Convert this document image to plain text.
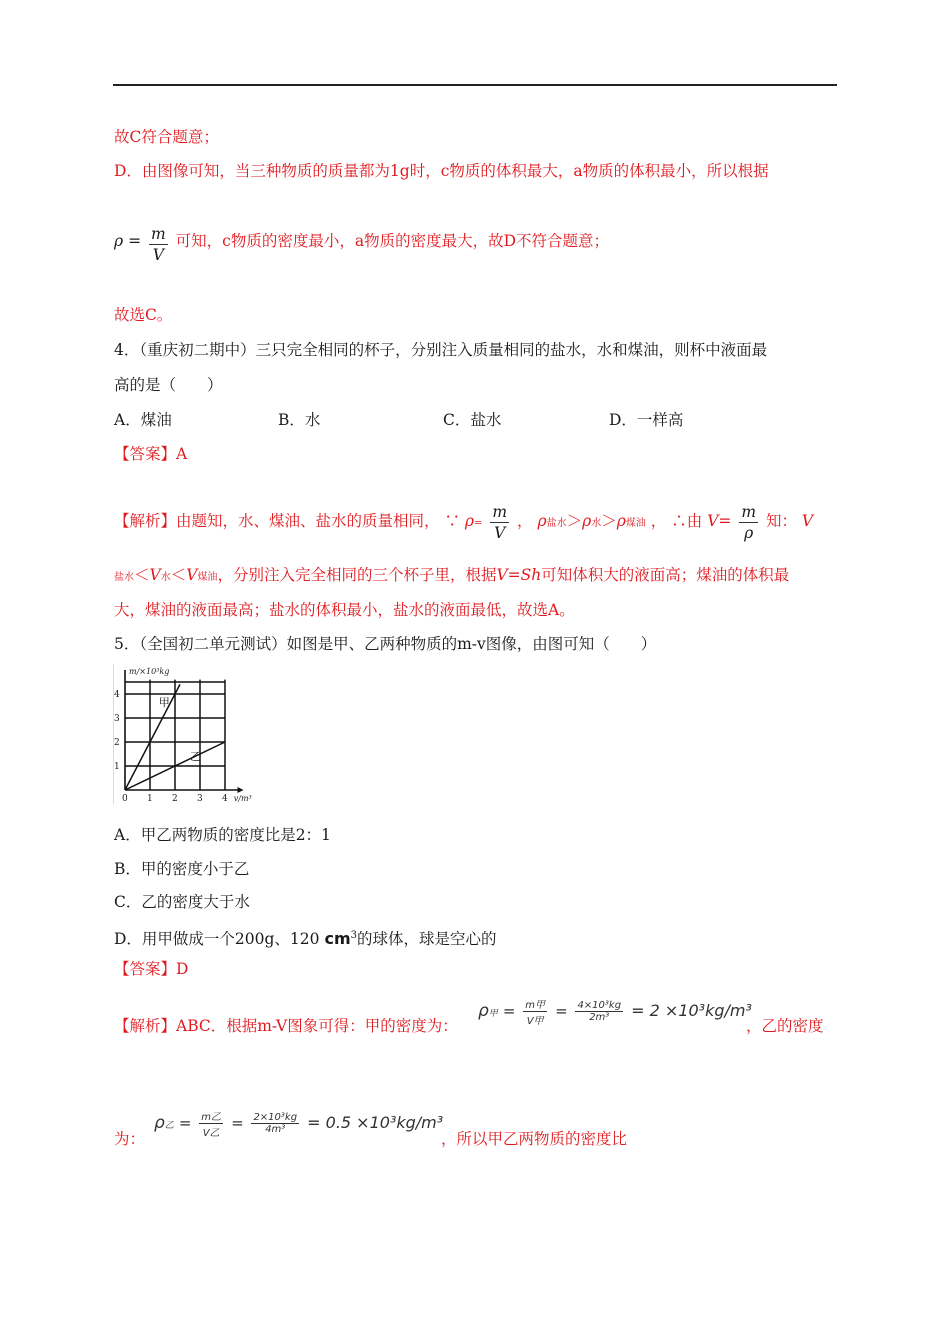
故C符合题意；
D．由图像可知，当三种物质的质量都为1g时，c物质的体积最大，a物质的体积最小，所以根据
$\rho = \frac{m}{V}$ 可知，c物质的密度最小，a物质的密度最大，故D不符合题意；
故选C。
4．（重庆初二期中）三只完全相同的杯子，分别注入质量相同的盐水，水和煤油，则杯中液面最
高的是（　　）
A．煤油	B．水	C．盐水	D．一样高
【答案】A
【解析】由题知，水、煤油、盐水的质量相同， ∵ $\rho= \frac{m}{V}$ ， ρ盐水＞ρ水＞ρ煤油 ， ∴由 $V= \frac{m}{\rho}$ 知： V
盐水＜V水＜V煤油，分别注入完全相同的三个杯子里，根据V=Sh可知体积大的液面高；煤油的体积最
大，煤油的液面最高；盐水的体积最小，盐水的液面最低，故选A。
5．（全国初二单元测试）如图是甲、乙两种物质的m-v图像，由图可知（　　）
甲
乙
0 1 2 3 4
1
2
3
4
m/×10³kg
v/m³
A．甲乙两物质的密度比是2：1
B．甲的密度小于乙
C．乙的密度大于水
D．用甲做成一个200g、120 $cm^3$的球体，球是空心的
【答案】D
【解析】ABC．根据m-V图象可得：甲的密度为：
ρ甲 = $\frac{\text{m甲}}{\text{V甲}} = \frac{\text{4×10³kg}}{\text{2m³}} = 2 \times 10^3kg/m^3$
，乙的密度
为：
ρ乙 = $\frac{\text{m乙}}{\text{V乙}} = \frac{\text{2×10³kg}}{\text{4m³}} = 0.5 \times 10^3kg/m^3$
，所以甲乙两物质的密度比
